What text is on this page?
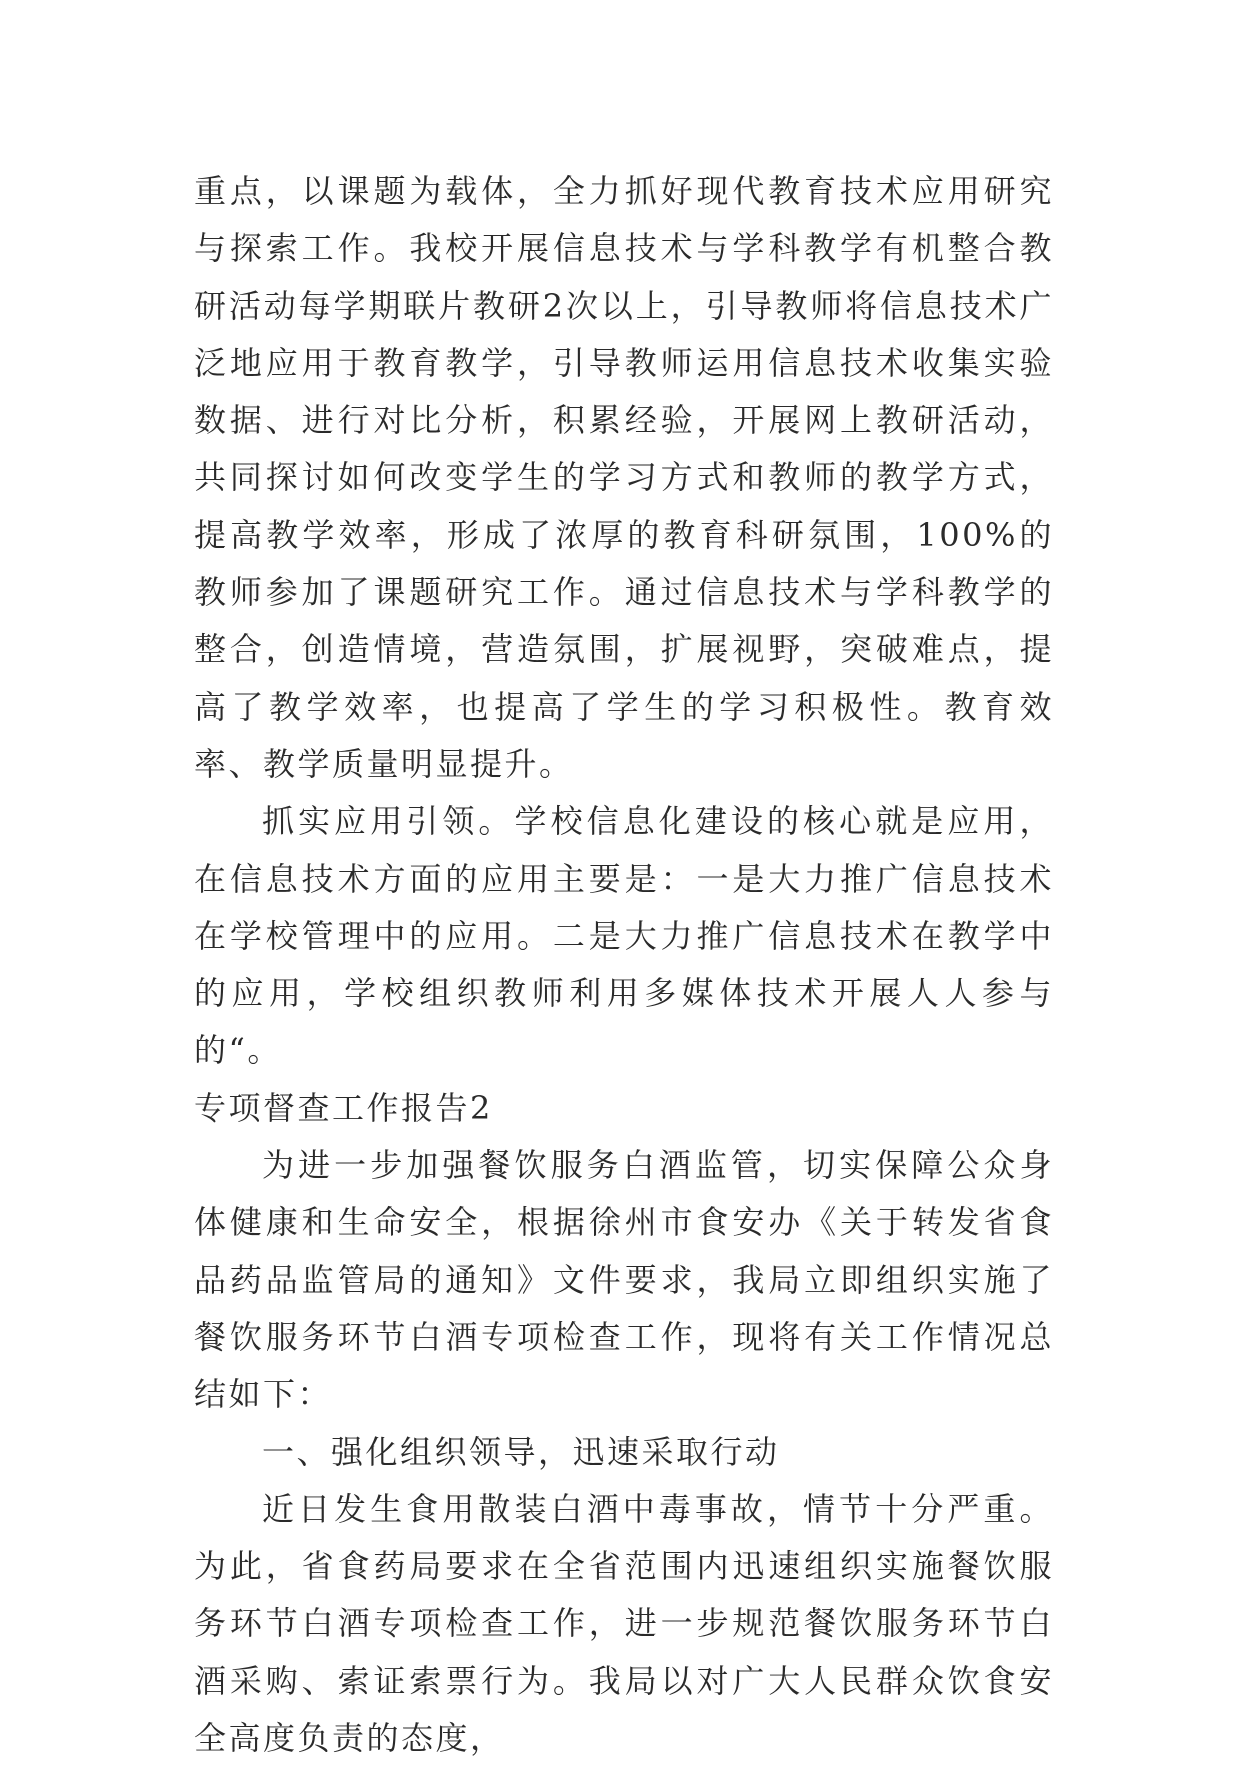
重点，以课题为载体，全力抓好现代教育技术应用研究与探索工作。我校开展信息技术与学科教学有机整合教研活动每学期联片教研2次以上，引导教师将信息技术广泛地应用于教育教学，引导教师运用信息技术收集实验数据、进行对比分析，积累经验，开展网上教研活动，共同探讨如何改变学生的学习方式和教师的教学方式，提高教学效率，形成了浓厚的教育科研氛围，100%的教师参加了课题研究工作。通过信息技术与学科教学的整合，创造情境，营造氛围，扩展视野，突破难点，提高了教学效率，也提高了学生的学习积极性。教育效率、教学质量明显提升。

抓实应用引领。学校信息化建设的核心就是应用，在信息技术方面的应用主要是：一是大力推广信息技术在学校管理中的应用。二是大力推广信息技术在教学中的应用，学校组织教师利用多媒体技术开展人人参与的“。

专项督查工作报告2

为进一步加强餐饮服务白酒监管，切实保障公众身体健康和生命安全，根据徐州市食安办《关于转发省食品药品监管局的通知》文件要求，我局立即组织实施了餐饮服务环节白酒专项检查工作，现将有关工作情况总结如下：

一、强化组织领导，迅速采取行动

近日发生食用散装白酒中毒事故，情节十分严重。为此，省食药局要求在全省范围内迅速组织实施餐饮服务环节白酒专项检查工作，进一步规范餐饮服务环节白酒采购、索证索票行为。我局以对广大人民群众饮食安全高度负责的态度，
